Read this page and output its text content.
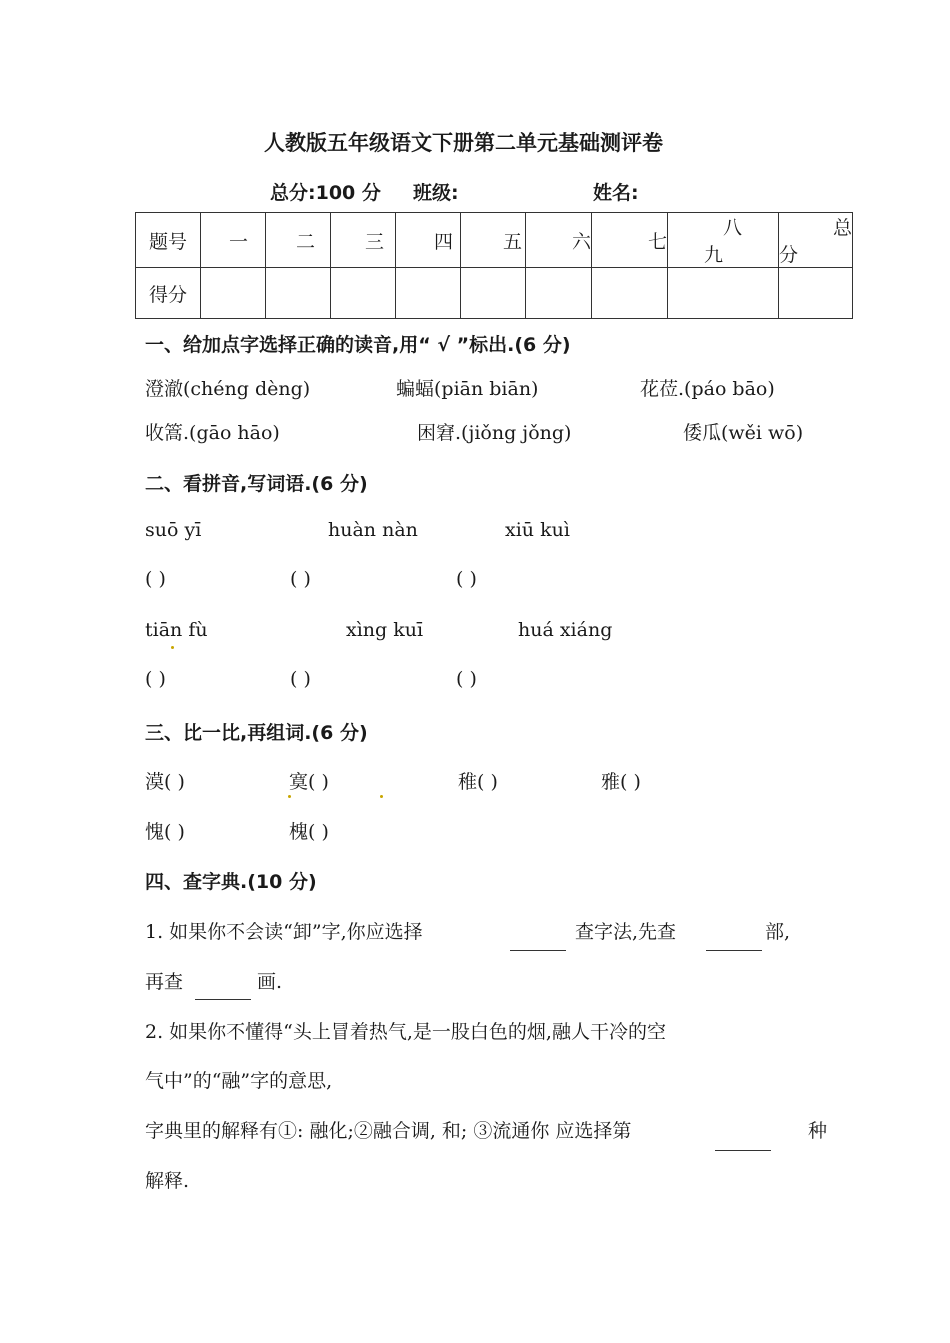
人教版五年级语文下册第二单元基础测评卷
总分:100 分 班级:	姓名:
题号	一	二	三	四	五	六	七	八九	总分
得分									
一、给加点字选择正确的读音,用“ √ ”标出.(6 分)
澄澈(chéng dèng)	蝙蝠(piān biān)	花莅.(páo bāo)
收篙.(gāo hāo)	困窘.(jiǒng jǒng)	倭瓜(wěi wō)
二、看拼音,写词语.(6 分)
suō yī	huàn nàn	xiū kuì
( )	( )	( )
tiān fù	xìng kuī	huá xiáng
( )	( )	( )
三、比一比,再组词.(6 分)
漠( )	寞( )	稚( )	雅( )
愧( )	槐( )
四、查字典.(10 分)
1. 如果你不会读“卸”字,你应选择	查字法,先查	部,
再查	画.
2. 如果你不懂得“头上冒着热气,是一股白色的烟,融人干冷的空
气中”的“融”字的意思,
字典里的解释有①: 融化;②融合调, 和; ③流通你 应选择第	种
解释.
